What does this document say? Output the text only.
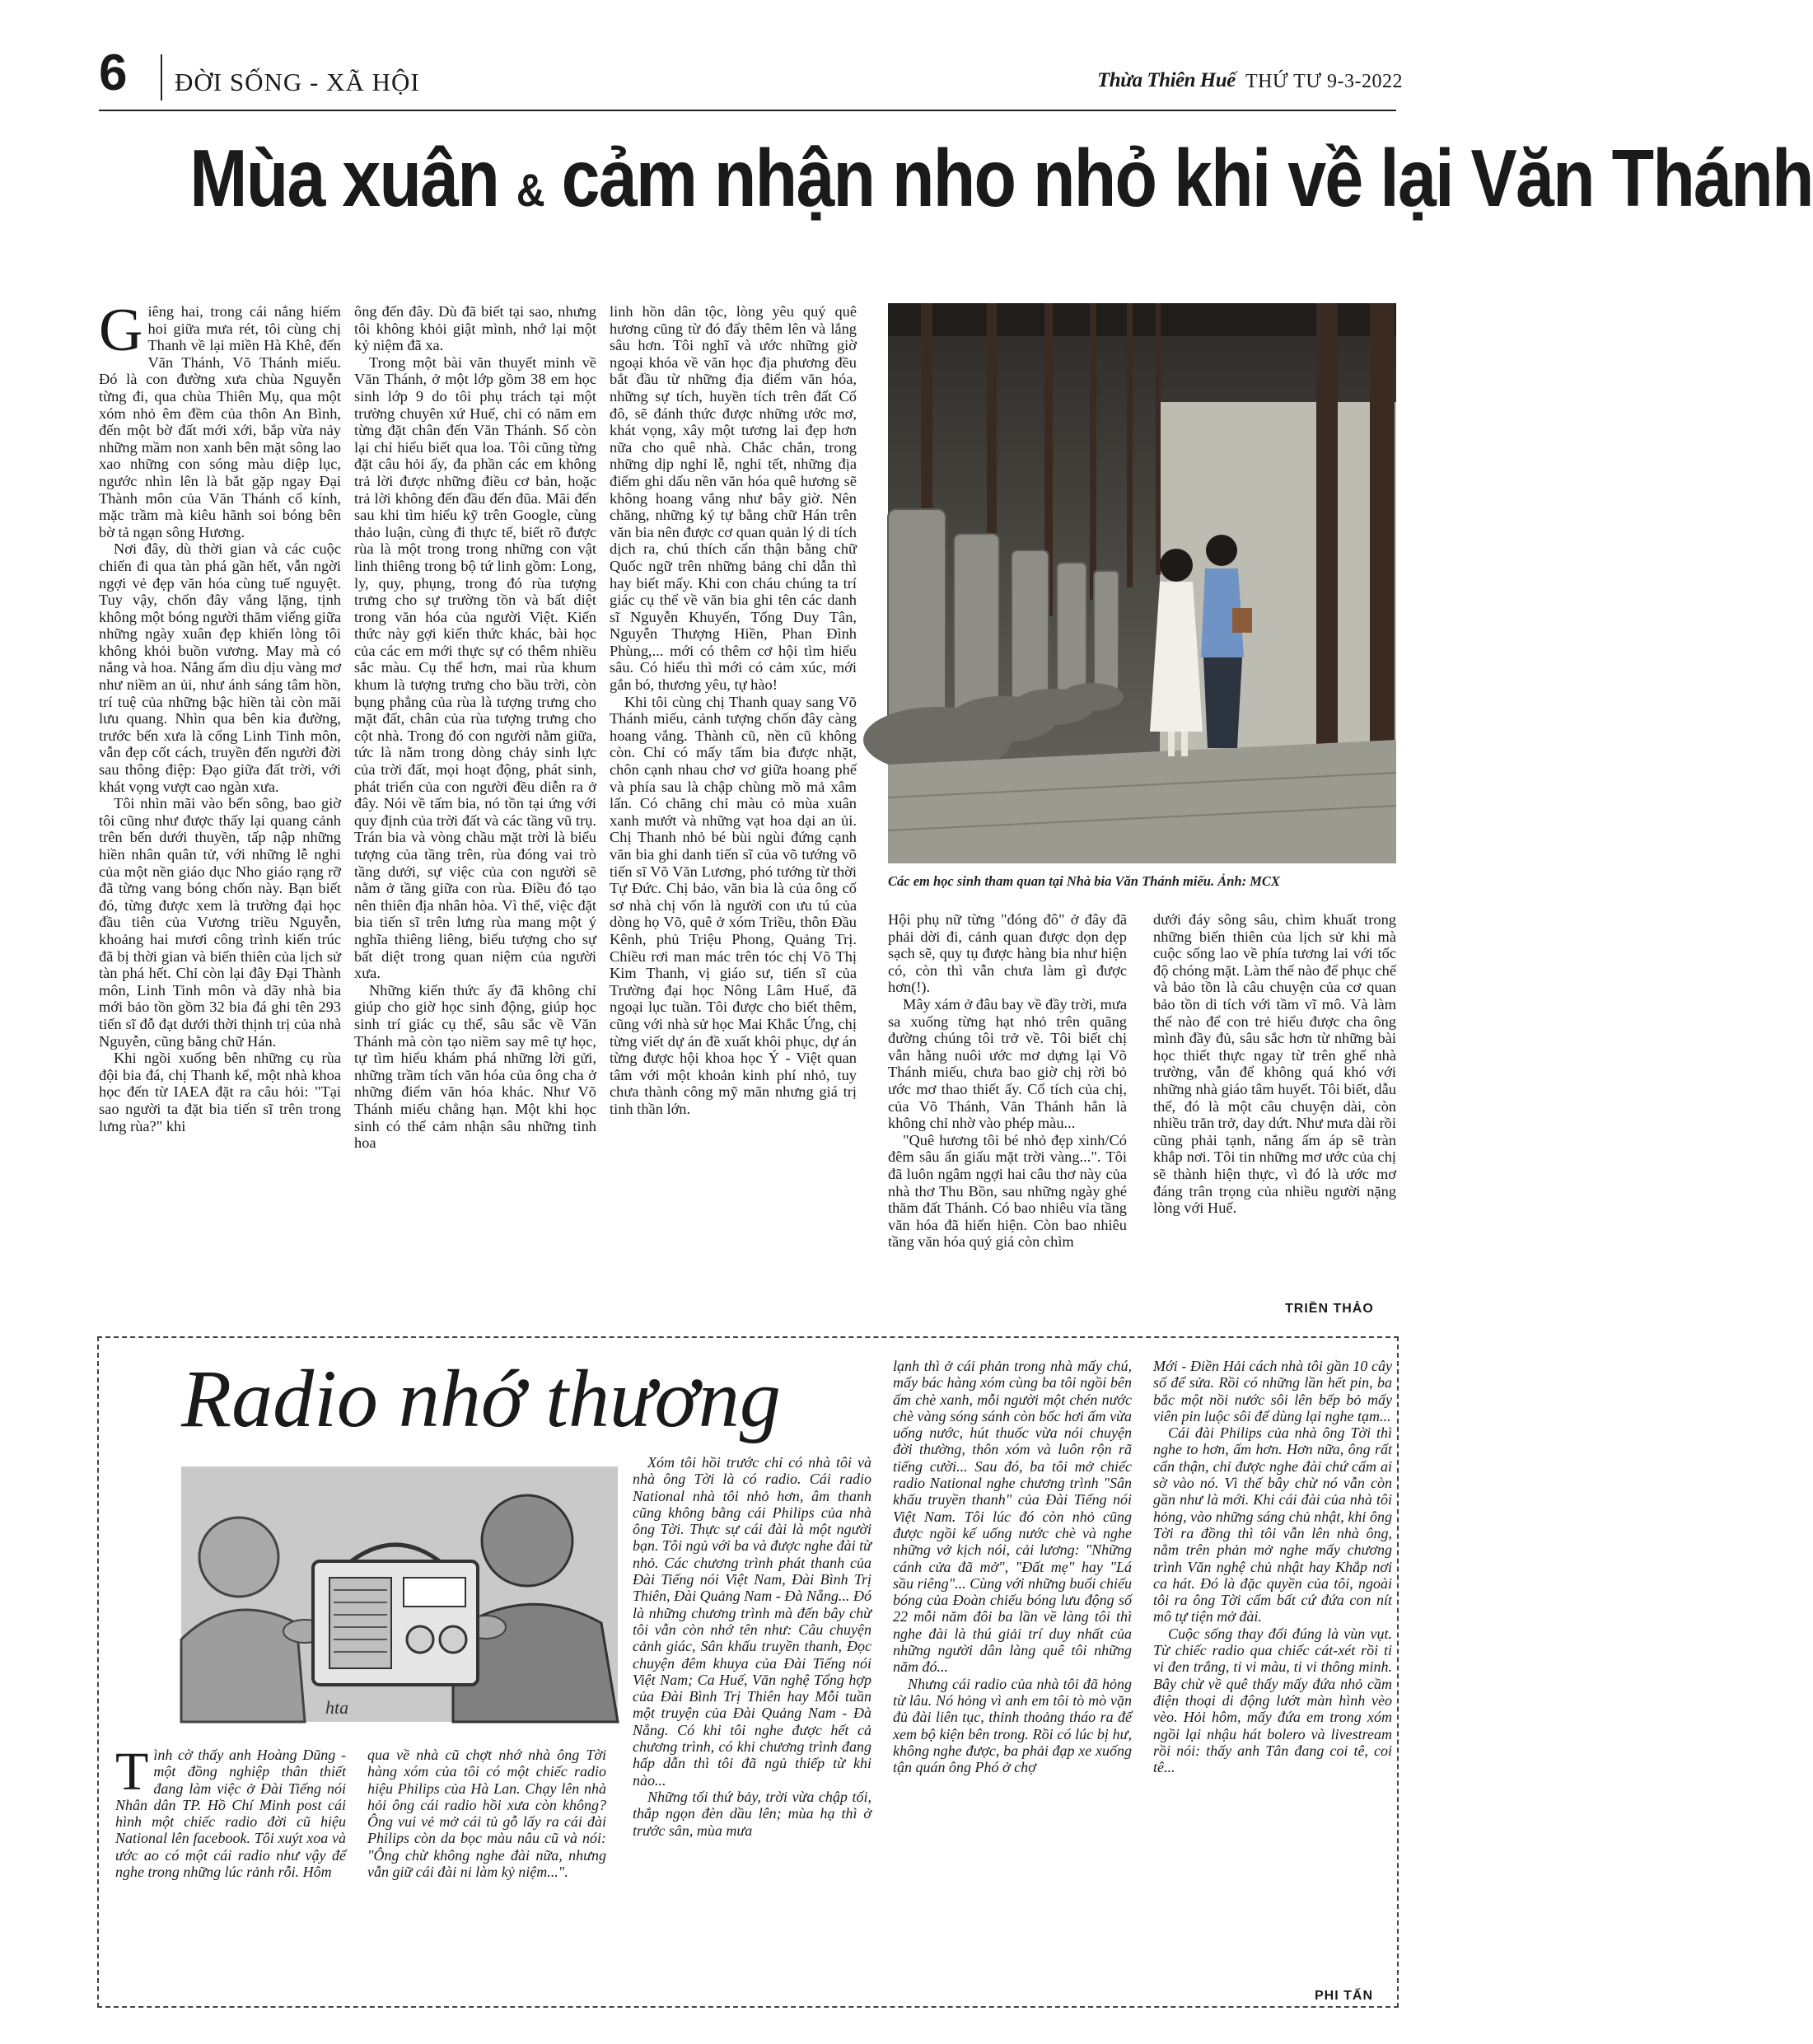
6 ĐỜI SỐNG - XÃ HỘI	Thừa Thiên Huế THỨ TƯ 9-3-2022
Mùa xuân & cảm nhận nho nhỏ khi về lại Văn Thánh
G iêng hai, trong cái nắng hiếm hoi giữa mưa rét, tôi cùng chị Thanh về lại miền Hà Khê, đến Văn Thánh, Võ Thánh miếu. Đó là con đường xưa chùa Nguyễn từng đi, qua chùa Thiên Mụ, qua một xóm nhỏ êm đềm của thôn An Bình, đến một bờ đất mới xới, bắp vừa nảy những mầm non xanh bên mặt sông lao xao những con sóng màu diệp lục, ngước nhìn lên là bắt gặp ngay Đại Thành môn của Văn Thánh cổ kính, mặc trầm mà kiêu hãnh soi bóng bên bờ tả ngạn sông Hương.

Nơi đây, dù thời gian và các cuộc chiến đi qua tàn phá gần hết, vẫn ngời ngợi vẻ đẹp văn hóa cùng tuế nguyệt. Tuy vậy, chốn đây vắng lặng, tịnh không một bóng người thăm viếng giữa những ngày xuân đẹp khiến lòng tôi không khỏi buồn vương. May mà có nắng và hoa. Nắng ấm dìu dịu vàng mơ như niềm an ủi, như ánh sáng tâm hồn, trí tuệ của những bậc hiền tài còn mãi lưu quang. Nhìn qua bên kia đường, trước bến xưa là cổng Linh Tinh môn, vẫn đẹp cốt cách, truyền đến người đời sau thông điệp: Đạo giữa đất trời, với khát vọng vượt cao ngàn xưa.

Tôi nhìn mãi vào bến sông, bao giờ tôi cũng như được thấy lại quang cảnh trên bến dưới thuyền, tấp nập những hiền nhân quân tử, với những lễ nghi của một nền giáo dục Nho giáo rạng rỡ đã từng vang bóng chốn này. Bạn biết đó, từng được xem là trường đại học đầu tiên của Vương triều Nguyễn, khoảng hai mươi công trình kiến trúc đã bị thời gian và biến thiên của lịch sử tàn phá hết. Chỉ còn lại đây Đại Thành môn, Linh Tinh môn và dãy nhà bia mới bảo tồn gồm 32 bia đá ghi tên 293 tiến sĩ đỗ đạt dưới thời thịnh trị của nhà Nguyễn, cũng bằng chữ Hán.

Khi ngồi xuống bên những cụ rùa đội bia đá, chị Thanh kể, một nhà khoa học đến từ IAEA đặt ra câu hỏi: "Tại sao người ta đặt bia tiến sĩ trên trong lưng rùa?" khi

ông đến đây. Dù đã biết tại sao, nhưng tôi không khỏi giật mình, nhớ lại một kỷ niệm đã xa.

Trong một bài văn thuyết minh về Văn Thánh, ở một lớp gồm 38 em học sinh lớp 9 do tôi phụ trách tại một trường chuyên xứ Huế, chỉ có năm em từng đặt chân đến Văn Thánh. Số còn lại chỉ hiểu biết qua loa. Tôi cũng từng đặt câu hỏi ấy, đa phần các em không trả lời được những điều cơ bản, hoặc trả lời không đến đầu đến đũa. Mãi đến sau khi tìm hiểu kỹ trên Google, cùng thảo luận, cùng đi thực tế, biết rõ được rùa là một trong trong những con vật linh thiêng trong bộ tứ linh gồm: Long, ly, quy, phụng, trong đó rùa tượng trưng cho sự trường tồn và bất diệt trong văn hóa của người Việt. Kiến thức này gợi kiến thức khác, bài học của các em mới thực sự có thêm nhiều sắc màu. Cụ thể hơn, mai rùa khum khum là tượng trưng cho bầu trời, còn bụng phẳng của rùa là tượng trưng cho mặt đất, chân của rùa tượng trưng cho cột nhà. Trong đó con người nằm giữa, tức là nằm trong dòng chảy sinh lực của trời đất, mọi hoạt động, phát sinh, phát triển của con người đều diễn ra ở đây. Nói về tấm bia, nó tồn tại ứng với quy định của trời đất và các tầng vũ trụ. Trán bia và vòng chầu mặt trời là biểu tượng của tầng trên, rùa đóng vai trò tầng dưới, sự việc của con người sẽ nằm ở tầng giữa con rùa. Điều đó tạo nên thiên địa nhân hòa. Vì thế, việc đặt bia tiến sĩ trên lưng rùa mang một ý nghĩa thiêng liêng, biểu tượng cho sự bất diệt trong quan niệm của người xưa.

Những kiến thức ấy đã không chỉ giúp cho giờ học sinh động, giúp học sinh trí giác cụ thể, sâu sắc về Văn Thánh mà còn tạo niềm say mê tự học, tự tìm hiểu khám phá những lời gửi, những trầm tích văn hóa của ông cha ở những điểm văn hóa khác. Như Võ Thánh miếu chẳng hạn. Một khi học sinh có thể cảm nhận sâu những tinh hoa

linh hồn dân tộc, lòng yêu quý quê hương cũng từ đó đẩy thêm lên và lắng sâu hơn. Tôi nghĩ và ước những giờ ngoại khóa về văn học địa phương đều bắt đầu từ những địa điểm văn hóa, những sự tích, huyền tích trên đất Cố đô, sẽ đánh thức được những ước mơ, khát vọng, xây một tương lai đẹp hơn nữa cho quê nhà. Chắc chắn, trong những dịp nghỉ lễ, nghỉ tết, những địa điểm ghi dấu nền văn hóa quê hương sẽ không hoang vắng như bây giờ. Nên chăng, những ký tự bằng chữ Hán trên văn bia nên được cơ quan quản lý di tích dịch ra, chú thích cẩn thận bằng chữ Quốc ngữ trên những bảng chỉ dẫn thì hay biết mấy. Khi con cháu chúng ta trí giác cụ thể về văn bia ghi tên các danh sĩ Nguyễn Khuyến, Tống Duy Tân, Nguyễn Thượng Hiền, Phan Đình Phùng,... mới có thêm cơ hội tìm hiểu sâu. Có hiểu thì mới có cảm xúc, mới gắn bó, thương yêu, tự hào!

Khi tôi cùng chị Thanh quay sang Võ Thánh miếu, cảnh tượng chốn đây càng hoang vắng. Thành cũ, nền cũ không còn. Chỉ có mấy tấm bia được nhặt, chôn cạnh nhau chơ vơ giữa hoang phế và phía sau là chập chùng mồ mả xâm lấn. Có chăng chỉ màu cỏ mùa xuân xanh mướt và những vạt hoa dại an ủi. Chị Thanh nhỏ bé bùi ngùi đứng cạnh văn bia ghi danh tiến sĩ của võ tướng võ tiến sĩ Võ Văn Lương, phó tướng từ thời Tự Đức. Chị bảo, văn bia là của ông cố sơ nhà chị vốn là người con ưu tú của dòng họ Võ, quê ở xóm Triều, thôn Đầu Kênh, phủ Triệu Phong, Quảng Trị. Chiều rơi man mác trên tóc chị Võ Thị Kim Thanh, vị giáo sư, tiến sĩ của Trường đại học Nông Lâm Huế, đã ngoại lục tuần. Tôi được cho biết thêm, cũng với nhà sử học Mai Khắc Ứng, chị từng viết dự án đề xuất khôi phục, dự án từng được hội khoa học Ý - Việt quan tâm với một khoản kinh phí nhỏ, tuy chưa thành công mỹ mãn nhưng giá trị tinh thần lớn.

Các em học sinh tham quan tại Nhà bia Văn Thánh miếu. Ảnh: MCX

Hội phụ nữ từng "đóng đô" ở đây đã phải dời đi, cảnh quan được dọn dẹp sạch sẽ, quy tụ được hàng bia như hiện có, còn thì vẫn chưa làm gì được hơn(!).

Mây xám ở đâu bay về đầy trời, mưa sa xuống từng hạt nhỏ trên quãng đường chúng tôi trở về. Tôi biết chị vẫn hằng nuôi ước mơ dựng lại Võ Thánh miếu, chưa bao giờ chị rời bỏ ước mơ thao thiết ấy. Cổ tích của chị, của Võ Thánh, Văn Thánh hẳn là không chỉ nhờ vào phép màu...

"Quê hương tôi bé nhỏ đẹp xinh/Có đêm sâu ẩn giấu mặt trời vàng...". Tôi đã luôn ngâm ngợi hai câu thơ này của nhà thơ Thu Bồn, sau những ngày ghé thăm đất Thánh. Có bao nhiêu vỉa tầng văn hóa đã hiển hiện. Còn bao nhiêu tầng văn hóa quý giá còn chìm

dưới đáy sông sâu, chìm khuất trong những biến thiên của lịch sử khi mà cuộc sống lao về phía tương lai với tốc độ chóng mặt. Làm thế nào để phục chế và bảo tồn là câu chuyện của cơ quan bảo tồn di tích với tầm vĩ mô. Và làm thế nào để con trẻ hiểu được cha ông mình đầy đủ, sâu sắc hơn từ những bài học thiết thực ngay từ trên ghế nhà trường, vẫn để không quá khó với những nhà giáo tâm huyết. Tôi biết, dẫu thế, đó là một câu chuyện dài, còn nhiều trăn trở, day dứt. Như mưa dài rồi cũng phải tạnh, nắng ấm áp sẽ tràn khắp nơi. Tôi tin những mơ ước của chị sẽ thành hiện thực, vì đó là ước mơ đáng trân trọng của nhiều người nặng lòng với Huế.

TRIỀN THẢO
Radio nhớ thương
hta
T ình cờ thấy anh Hoàng Dũng - một đồng nghiệp thân thiết đang làm việc ở Đài Tiếng nói Nhân dân TP. Hồ Chí Minh post cái hình một chiếc radio đời cũ hiệu National lên facebook. Tôi xuýt xoa và ước ao có một cái radio như vậy để nghe trong những lúc rảnh rỗi. Hôm

qua về nhà cũ chợt nhớ nhà ông Tời hàng xóm của tôi có một chiếc radio hiệu Philips của Hà Lan. Chạy lên nhà hỏi ông cái radio hồi xưa còn không? Ông vui vẻ mở cái tủ gỗ lấy ra cái đài Philips còn da bọc màu nâu cũ và nói: "Ông chừ không nghe đài nữa, nhưng vẫn giữ cái đài ni làm kỷ niệm...".

Xóm tôi hồi trước chỉ có nhà tôi và nhà ông Tời là có radio. Cái radio National nhà tôi nhỏ hơn, âm thanh cũng không bằng cái Philips của nhà ông Tời. Thực sự cái đài là một người bạn. Tôi ngủ với ba và được nghe đài từ nhỏ. Các chương trình phát thanh của Đài Tiếng nói Việt Nam, Đài Bình Trị Thiên, Đài Quảng Nam - Đà Nẵng... Đó là những chương trình mà đến bây chừ tôi vẫn còn nhớ tên như: Câu chuyện cảnh giác, Sân khấu truyền thanh, Đọc chuyện đêm khuya của Đài Tiếng nói Việt Nam; Ca Huế, Văn nghệ Tổng hợp của Đài Bình Trị Thiên hay Mỗi tuần một truyện của Đài Quảng Nam - Đà Nẵng. Có khi tôi nghe được hết cả chương trình, có khi chương trình đang hấp dẫn thì tôi đã ngủ thiếp từ khi nào...

Những tối thứ bảy, trời vừa chập tối, thắp ngọn đèn dầu lên; mùa hạ thì ở trước sân, mùa mưa

lạnh thì ở cái phản trong nhà mấy chú, mấy bác hàng xóm cùng ba tôi ngồi bên ấm chè xanh, mỗi người một chén nước chè vàng sóng sánh còn bốc hơi ấm vừa uống nước, hút thuốc vừa nói chuyện đời thường, thôn xóm và luôn rộn rã tiếng cười... Sau đó, ba tôi mở chiếc radio National nghe chương trình "Sân khấu truyền thanh" của Đài Tiếng nói Việt Nam. Tôi lúc đó còn nhỏ cũng được ngồi kế uống nước chè và nghe những vở kịch nói, cải lương: "Những cánh cửa đã mở", "Đất mẹ" hay "Lá sầu riêng"... Cùng với những buổi chiếu bóng của Đoàn chiếu bóng lưu động số 22 mỗi năm đôi ba lần về làng tôi thì nghe đài là thú giải trí duy nhất của những người dân làng quê tôi những năm đó...

Nhưng cái radio của nhà tôi đã hỏng từ lâu. Nó hỏng vì anh em tôi tò mò vặn đủ đài liên tục, thỉnh thoảng tháo ra để xem bộ kiện bên trong. Rồi có lúc bị hư, không nghe được, ba phải đạp xe xuống tận quán ông Phó ở chợ

Mới - Điền Hải cách nhà tôi gần 10 cây số để sửa. Rồi có những lần hết pin, ba bắc một nồi nước sôi lên bếp bỏ mấy viên pin luộc sôi để dùng lại nghe tạm...

Cái đài Philips của nhà ông Tời thì nghe to hơn, ấm hơn. Hơn nữa, ông rất cẩn thận, chỉ được nghe đài chứ cấm ai sờ vào nó. Vì thế bây chừ nó vẫn còn gần như là mới. Khi cái đài của nhà tôi hỏng, vào những sáng chủ nhật, khi ông Tời ra đồng thì tôi vẫn lên nhà ông, nằm trên phản mở nghe mấy chương trình Văn nghệ chủ nhật hay Khắp nơi ca hát. Đó là đặc quyền của tôi, ngoài tôi ra ông Tời cấm bất cứ đứa con nít mô tự tiện mở đài.

Cuộc sống thay đổi đúng là vùn vụt. Từ chiếc radio qua chiếc cát-xét rồi ti vi đen trắng, ti vi màu, ti vi thông minh. Bây chừ về quê thấy mấy đứa nhỏ cầm điện thoại di động lướt màn hình vèo vèo. Hỏi hôm, mấy đứa em trong xóm ngồi lại nhậu hát bolero và livestream rồi nói: thấy anh Tân đang coi tê, coi tê...

PHI TẤN
